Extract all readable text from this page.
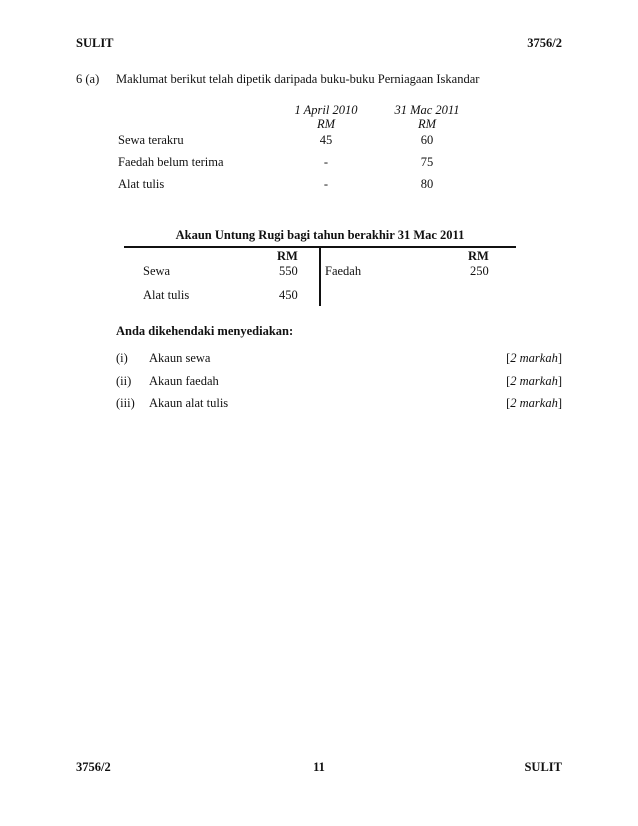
SULIT	3756/2
6 (a) Maklumat berikut telah dipetik daripada buku-buku Perniagaan Iskandar
1 April 2010
RM
31 Mac 2011
RM
Sewa terakru	45	60
Faedah belum terima	-	75
Alat tulis	-	80
Akaun Untung Rugi bagi tahun berakhir 31 Mac 2011
RM	RM
Sewa	550 Faedah	250
Alat tulis	450
Anda dikehendaki menyediakan:
(i) Akaun sewa	[2 markah]
(ii) Akaun faedah	[2 markah]
(iii) Akaun alat tulis	[2 markah]
3756/2	11	SULIT
